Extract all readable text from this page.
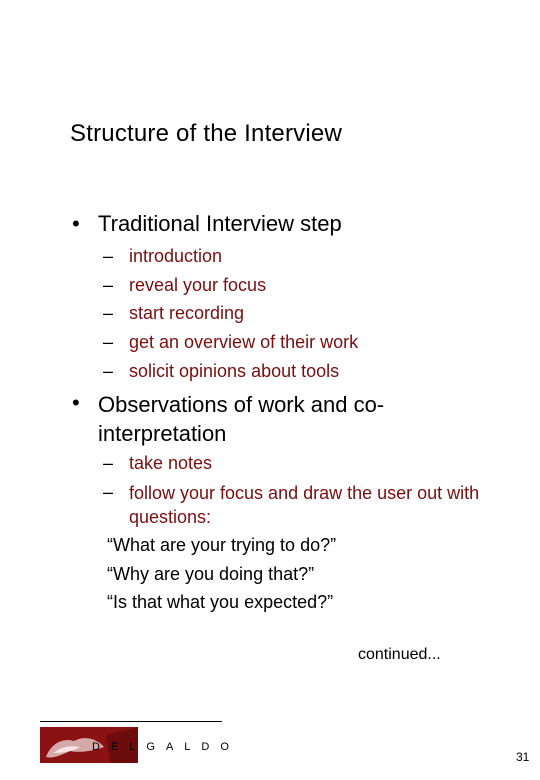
Structure of the Interview
• Traditional Interview step
– introduction
– reveal your focus
– start recording
– get an overview of their work
– solicit opinions about tools
• Observations of work and co-interpretation
– take notes
– follow your focus and draw the user out with questions:
“What are your trying to do?”
“Why are you doing that?”
“Is that what you expected?”
continued...
DELGALDO
31
